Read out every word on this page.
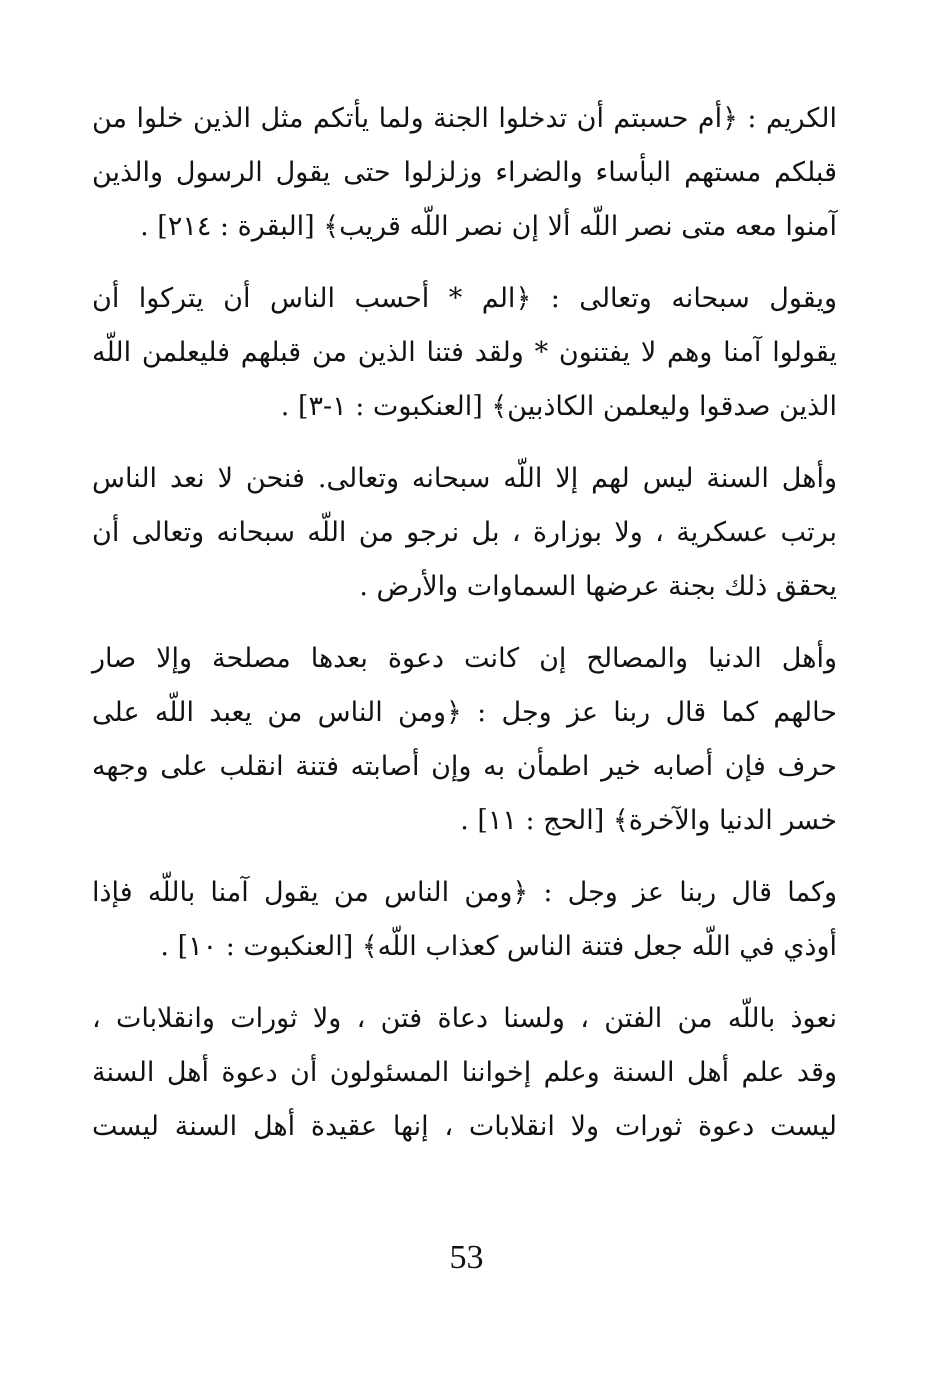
الكريم : ﴿أم حسبتم أن تدخلوا الجنة ولما يأتكم مثل الذين خلوا من
قبلكم مستهم البأساء والضراء وزلزلوا حتى يقول الرسول والذين
آمنوا معه متى نصر اللّه ألا إن نصر اللّه قريب﴾ [البقرة : ٢١٤] .

ويقول سبحانه وتعالى : ﴿الم * أحسب الناس أن يتركوا أن
يقولوا آمنا وهم لا يفتنون * ولقد فتنا الذين من قبلهم فليعلمن اللّه
الذين صدقوا وليعلمن الكاذبين﴾ [العنكبوت : ١-٣] .

وأهل السنة ليس لهم إلا اللّه سبحانه وتعالى. فنحن لا نعد الناس
برتب عسكرية ، ولا بوزارة ، بل نرجو من اللّه سبحانه وتعالى أن
يحقق ذلك بجنة عرضها السماوات والأرض .

وأهل الدنيا والمصالح إن كانت دعوة بعدها مصلحة وإلا صار
حالهم كما قال ربنا عز وجل : ﴿ومن الناس من يعبد اللّه على
حرف فإن أصابه خير اطمأن به وإن أصابته فتنة انقلب على وجهه
خسر الدنيا والآخرة﴾ [الحج : ١١] .

وكما قال ربنا عز وجل : ﴿ومن الناس من يقول آمنا باللّه فإذا
أوذي في اللّه جعل فتنة الناس كعذاب اللّه﴾ [العنكبوت : ١٠] .

نعوذ باللّه من الفتن ، ولسنا دعاة فتن ، ولا ثورات وانقلابات ،
وقد علم أهل السنة وعلم إخواننا المسئولون أن دعوة أهل السنة
ليست دعوة ثورات ولا انقلابات ، إنها عقيدة أهل السنة ليست

53
